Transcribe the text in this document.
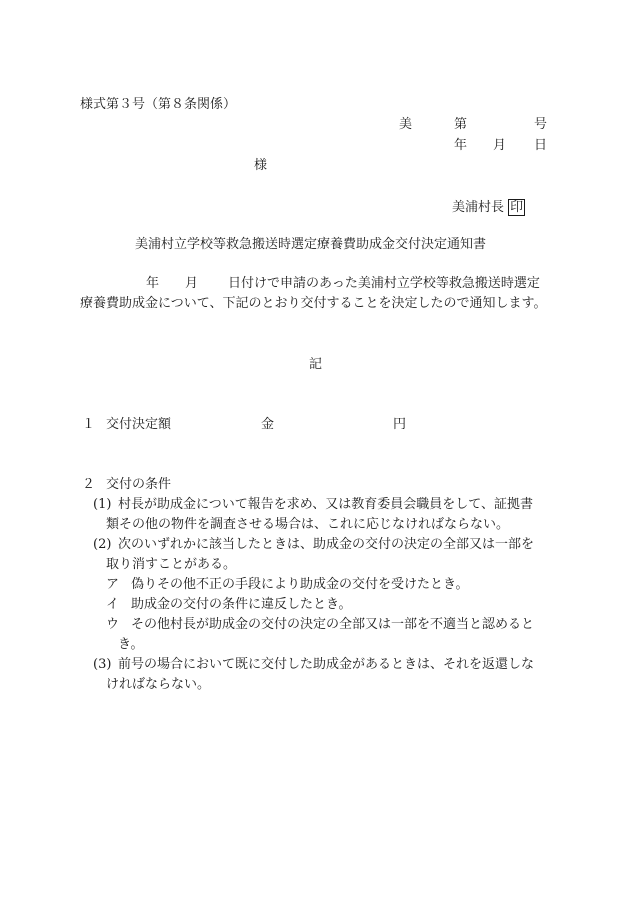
様式第３号（第８条関係）
美	第	号
年 月 日
様
美浦村長 印
美浦村立学校等救急搬送時選定療養費助成金交付決定通知書
年 月 日付けで申請のあった美浦村立学校等救急搬送時選定
療養費助成金について、下記のとおり交付することを決定したので通知します。
記
１ 交付決定額	金	円
２ 交付の条件
(1) 村長が助成金について報告を求め、又は教育委員会職員をして、証拠書
類その他の物件を調査させる場合は、これに応じなければならない。
(2) 次のいずれかに該当したときは、助成金の交付の決定の全部又は一部を
取り消すことがある。
ア 偽りその他不正の手段により助成金の交付を受けたとき。
イ 助成金の交付の条件に違反したとき。
ウ その他村長が助成金の交付の決定の全部又は一部を不適当と認めると
き。
(3) 前号の場合において既に交付した助成金があるときは、それを返還しな
ければならない。
